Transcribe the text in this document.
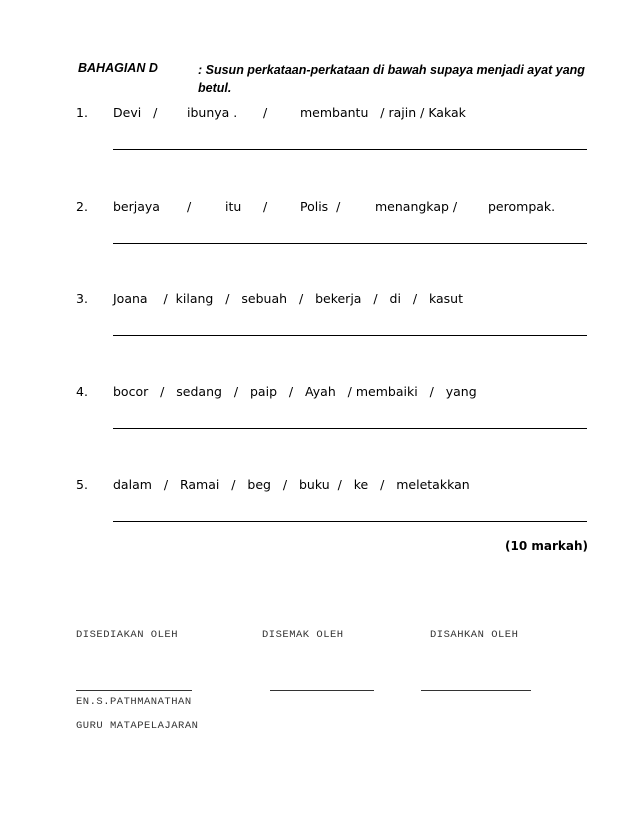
BAHAGIAN D	: Susun perkataan-perkataan di bawah supaya menjadi ayat yang betul.
1. Devi   / ibunya . /	membantu   / rajin / Kakak
2. berjaya /	itu /	Polis  /	menangkap / perompak.
3. Joana    /  kilang   /   sebuah   /   bekerja   /   di   /   kasut
4. bocor   /   sedang   /   paip   /   Ayah   / membaiki   /   yang
5. dalam   /   Ramai   /   beg   /   buku  /   ke   /   meletakkan
(10 markah)
DISEDIAKAN OLEH	DISEMAK OLEH	DISAHKAN OLEH
EN.S.PATHMANATHAN
GURU MATAPELAJARAN
